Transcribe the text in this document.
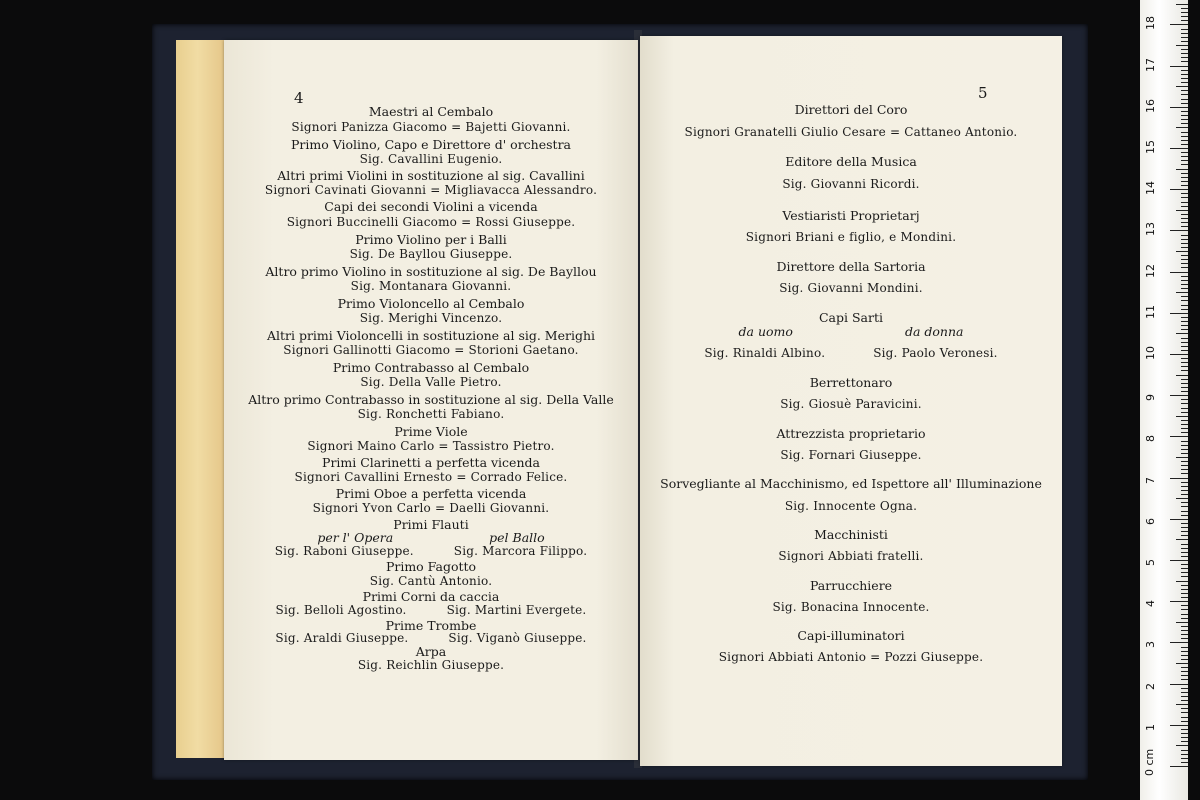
4
Maestri al Cembalo
Signori Panizza Giacomo = Bajetti Giovanni.
Primo Violino, Capo e Direttore d' orchestra
Sig. Cavallini Eugenio.
Altri primi Violini in sostituzione al sig. Cavallini
Signori Cavinati Giovanni = Migliavacca Alessandro.
Capi dei secondi Violini a vicenda
Signori Buccinelli Giacomo = Rossi Giuseppe.
Primo Violino per i Balli
Sig. De Bayllou Giuseppe.
Altro primo Violino in sostituzione al sig. De Bayllou
Sig. Montanara Giovanni.
Primo Violoncello al Cembalo
Sig. Merighi Vincenzo.
Altri primi Violoncelli in sostituzione al sig. Merighi
Signori Gallinotti Giacomo = Storioni Gaetano.
Primo Contrabasso al Cembalo
Sig. Della Valle Pietro.
Altro primo Contrabasso in sostituzione al sig. Della Valle
Sig. Ronchetti Fabiano.
Prime Viole
Signori Maino Carlo = Tassistro Pietro.
Primi Clarinetti a perfetta vicenda
Signori Cavallini Ernesto = Corrado Felice.
Primi Oboe a perfetta vicenda
Signori Yvon Carlo = Daelli Giovanni.
Primi Flauti
per l' Opera	pel Ballo
Sig. Raboni Giuseppe.	Sig. Marcora Filippo.
Primo Fagotto
Sig. Cantù Antonio.
Primi Corni da caccia
Sig. Belloli Agostino.	Sig. Martini Evergete.
Prime Trombe
Sig. Araldi Giuseppe.	Sig. Viganò Giuseppe.
Arpa
Sig. Reichlin Giuseppe.
5
Direttori del Coro
Signori Granatelli Giulio Cesare = Cattaneo Antonio.
Editore della Musica
Sig. Giovanni Ricordi.
Vestiaristi Proprietarj
Signori Briani e figlio, e Mondini.
Direttore della Sartoria
Sig. Giovanni Mondini.
Capi Sarti
da uomo	da donna
Sig. Rinaldi Albino.	Sig. Paolo Veronesi.
Berrettonaro
Sig. Giosuè Paravicini.
Attrezzista proprietario
Sig. Fornari Giuseppe.
Sorvegliante al Macchinismo, ed Ispettore all' Illuminazione
Sig. Innocente Ogna.
Macchinisti
Signori Abbiati fratelli.
Parrucchiere
Sig. Bonacina Innocente.
Capi-illuminatori
Signori Abbiati Antonio = Pozzi Giuseppe.
0 cm
1
2
3
4
5
6
7
8
9
10
11
12
13
14
15
16
17
18
